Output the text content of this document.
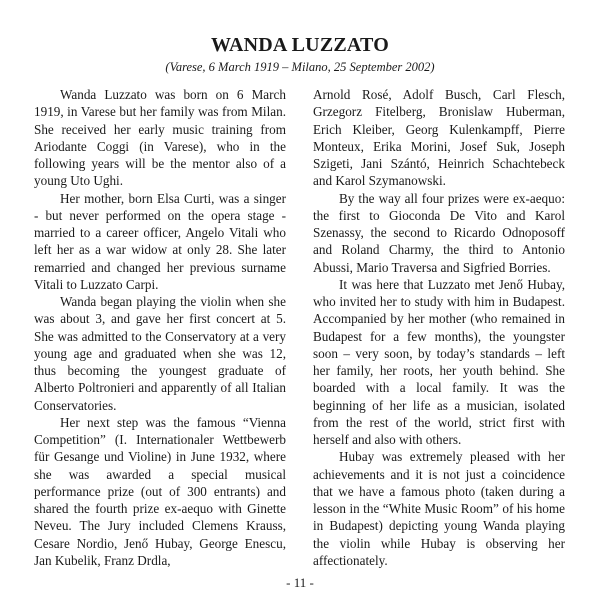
WANDA LUZZATO

(Varese, 6 March 1919 – Milano, 25 September 2002)

Wanda Luzzato was born on 6 March 1919, in Varese but her family was from Milan. She received her early music training from Ariodante Coggi (in Varese), who in the following years will be the mentor also of a young Uto Ughi.

Her mother, born Elsa Curti, was a singer - but never performed on the opera stage - married to a career officer, Angelo Vitali who left her as a war widow at only 28. She later remarried and changed her previous surname Vitali to Luzzato Carpi.

Wanda began playing the violin when she was about 3, and gave her first concert at 5. She was admitted to the Conservatory at a very young age and graduated when she was 12, thus becoming the youngest graduate of Alberto Poltronieri and apparently of all Italian Conservatories.

Her next step was the famous “Vienna Competition” (I. Internationaler Wettbewerb für Gesange und Violine) in June 1932, where she was awarded a special musical performance prize (out of 300 entrants) and shared the fourth prize ex-aequo with Ginette Neveu. The Jury included Clemens Krauss, Cesare Nordio, Jenő Hubay, George Enescu, Jan Kubelik, Franz Drdla,

Arnold Rosé, Adolf Busch, Carl Flesch, Grzegorz Fitelberg, Bronislaw Huberman, Erich Kleiber, Georg Kulenkampff, Pierre Monteux, Erika Morini, Josef Suk, Joseph Szigeti, Jani Szántó, Heinrich Schachtebeck and Karol Szymanowski.

By the way all four prizes were ex-aequo: the first to Gioconda De Vito and Karol Szenassy, the second to Ricardo Odnoposoff and Roland Charmy, the third to Antonio Abussi, Mario Traversa and Sigfried Borries.

It was here that Luzzato met Jenő Hubay, who invited her to study with him in Budapest. Accompanied by her mother (who remained in Budapest for a few months), the youngster soon – very soon, by today’s standards – left her family, her roots, her youth behind. She boarded with a local family. It was the beginning of her life as a musician, isolated from the rest of the world, strict first with herself and also with others.

Hubay was extremely pleased with her achievements and it is not just a coincidence that we have a famous photo (taken during a lesson in the “White Music Room” of his home in Budapest) depicting young Wanda playing the violin while Hubay is observing her affectionately.

- 11 -
